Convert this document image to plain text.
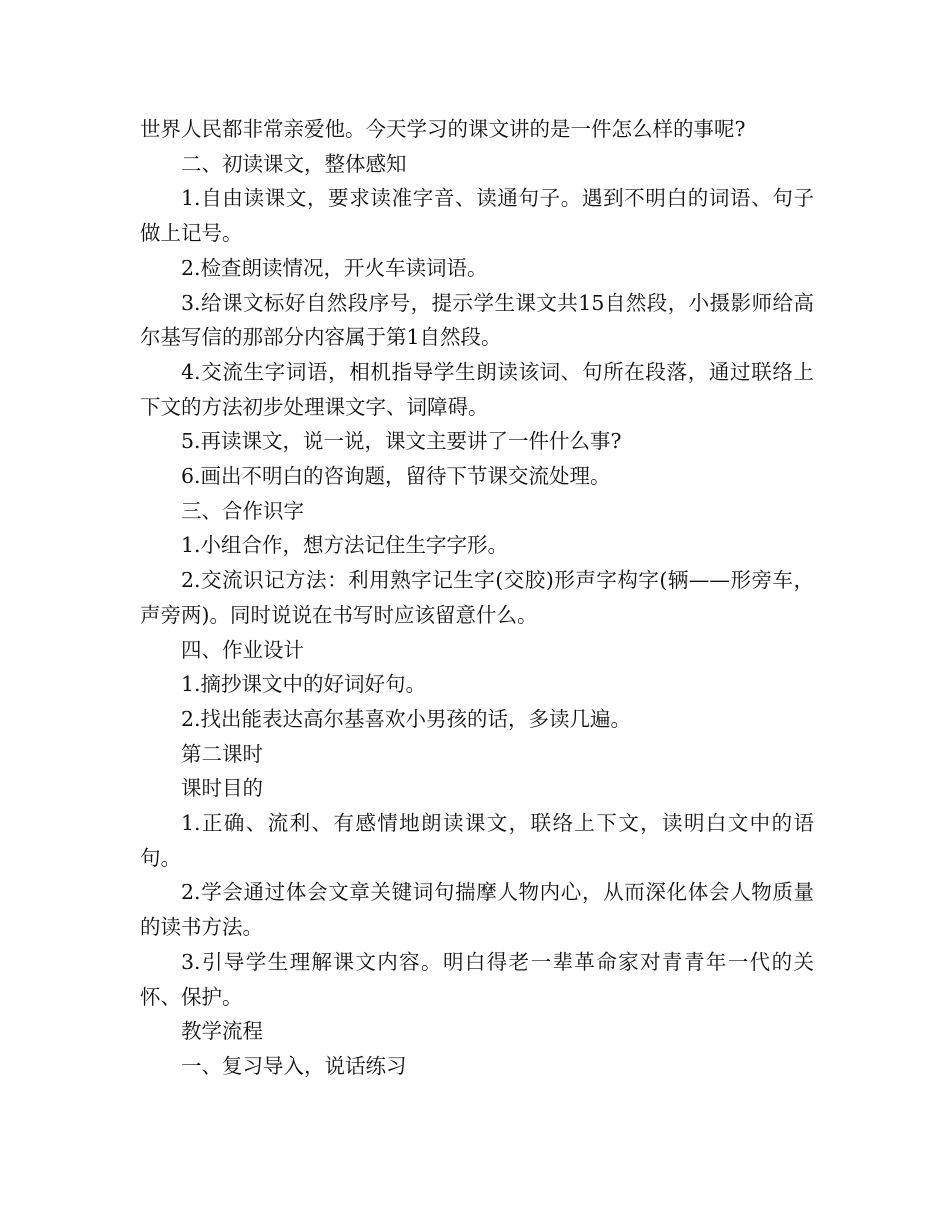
世界人民都非常亲爱他。今天学习的课文讲的是一件怎么样的事呢?

二、初读课文，整体感知

1.自由读课文，要求读准字音、读通句子。遇到不明白的词语、句子做上记号。

2.检查朗读情况，开火车读词语。

3.给课文标好自然段序号，提示学生课文共15自然段，小摄影师给高尔基写信的那部分内容属于第1自然段。

4.交流生字词语，相机指导学生朗读该词、句所在段落，通过联络上下文的方法初步处理课文字、词障碍。

5.再读课文，说一说，课文主要讲了一件什么事?

6.画出不明白的咨询题，留待下节课交流处理。

三、合作识字

1.小组合作，想方法记住生字字形。

2.交流识记方法：利用熟字记生字(交胶)形声字构字(辆——形旁车，声旁两)。同时说说在书写时应该留意什么。

四、作业设计

1.摘抄课文中的好词好句。

2.找出能表达高尔基喜欢小男孩的话，多读几遍。

第二课时

课时目的

1.正确、流利、有感情地朗读课文，联络上下文，读明白文中的语句。

2.学会通过体会文章关键词句揣摩人物内心，从而深化体会人物质量的读书方法。

3.引导学生理解课文内容。明白得老一辈革命家对青青年一代的关怀、保护。

教学流程

一、复习导入，说话练习
